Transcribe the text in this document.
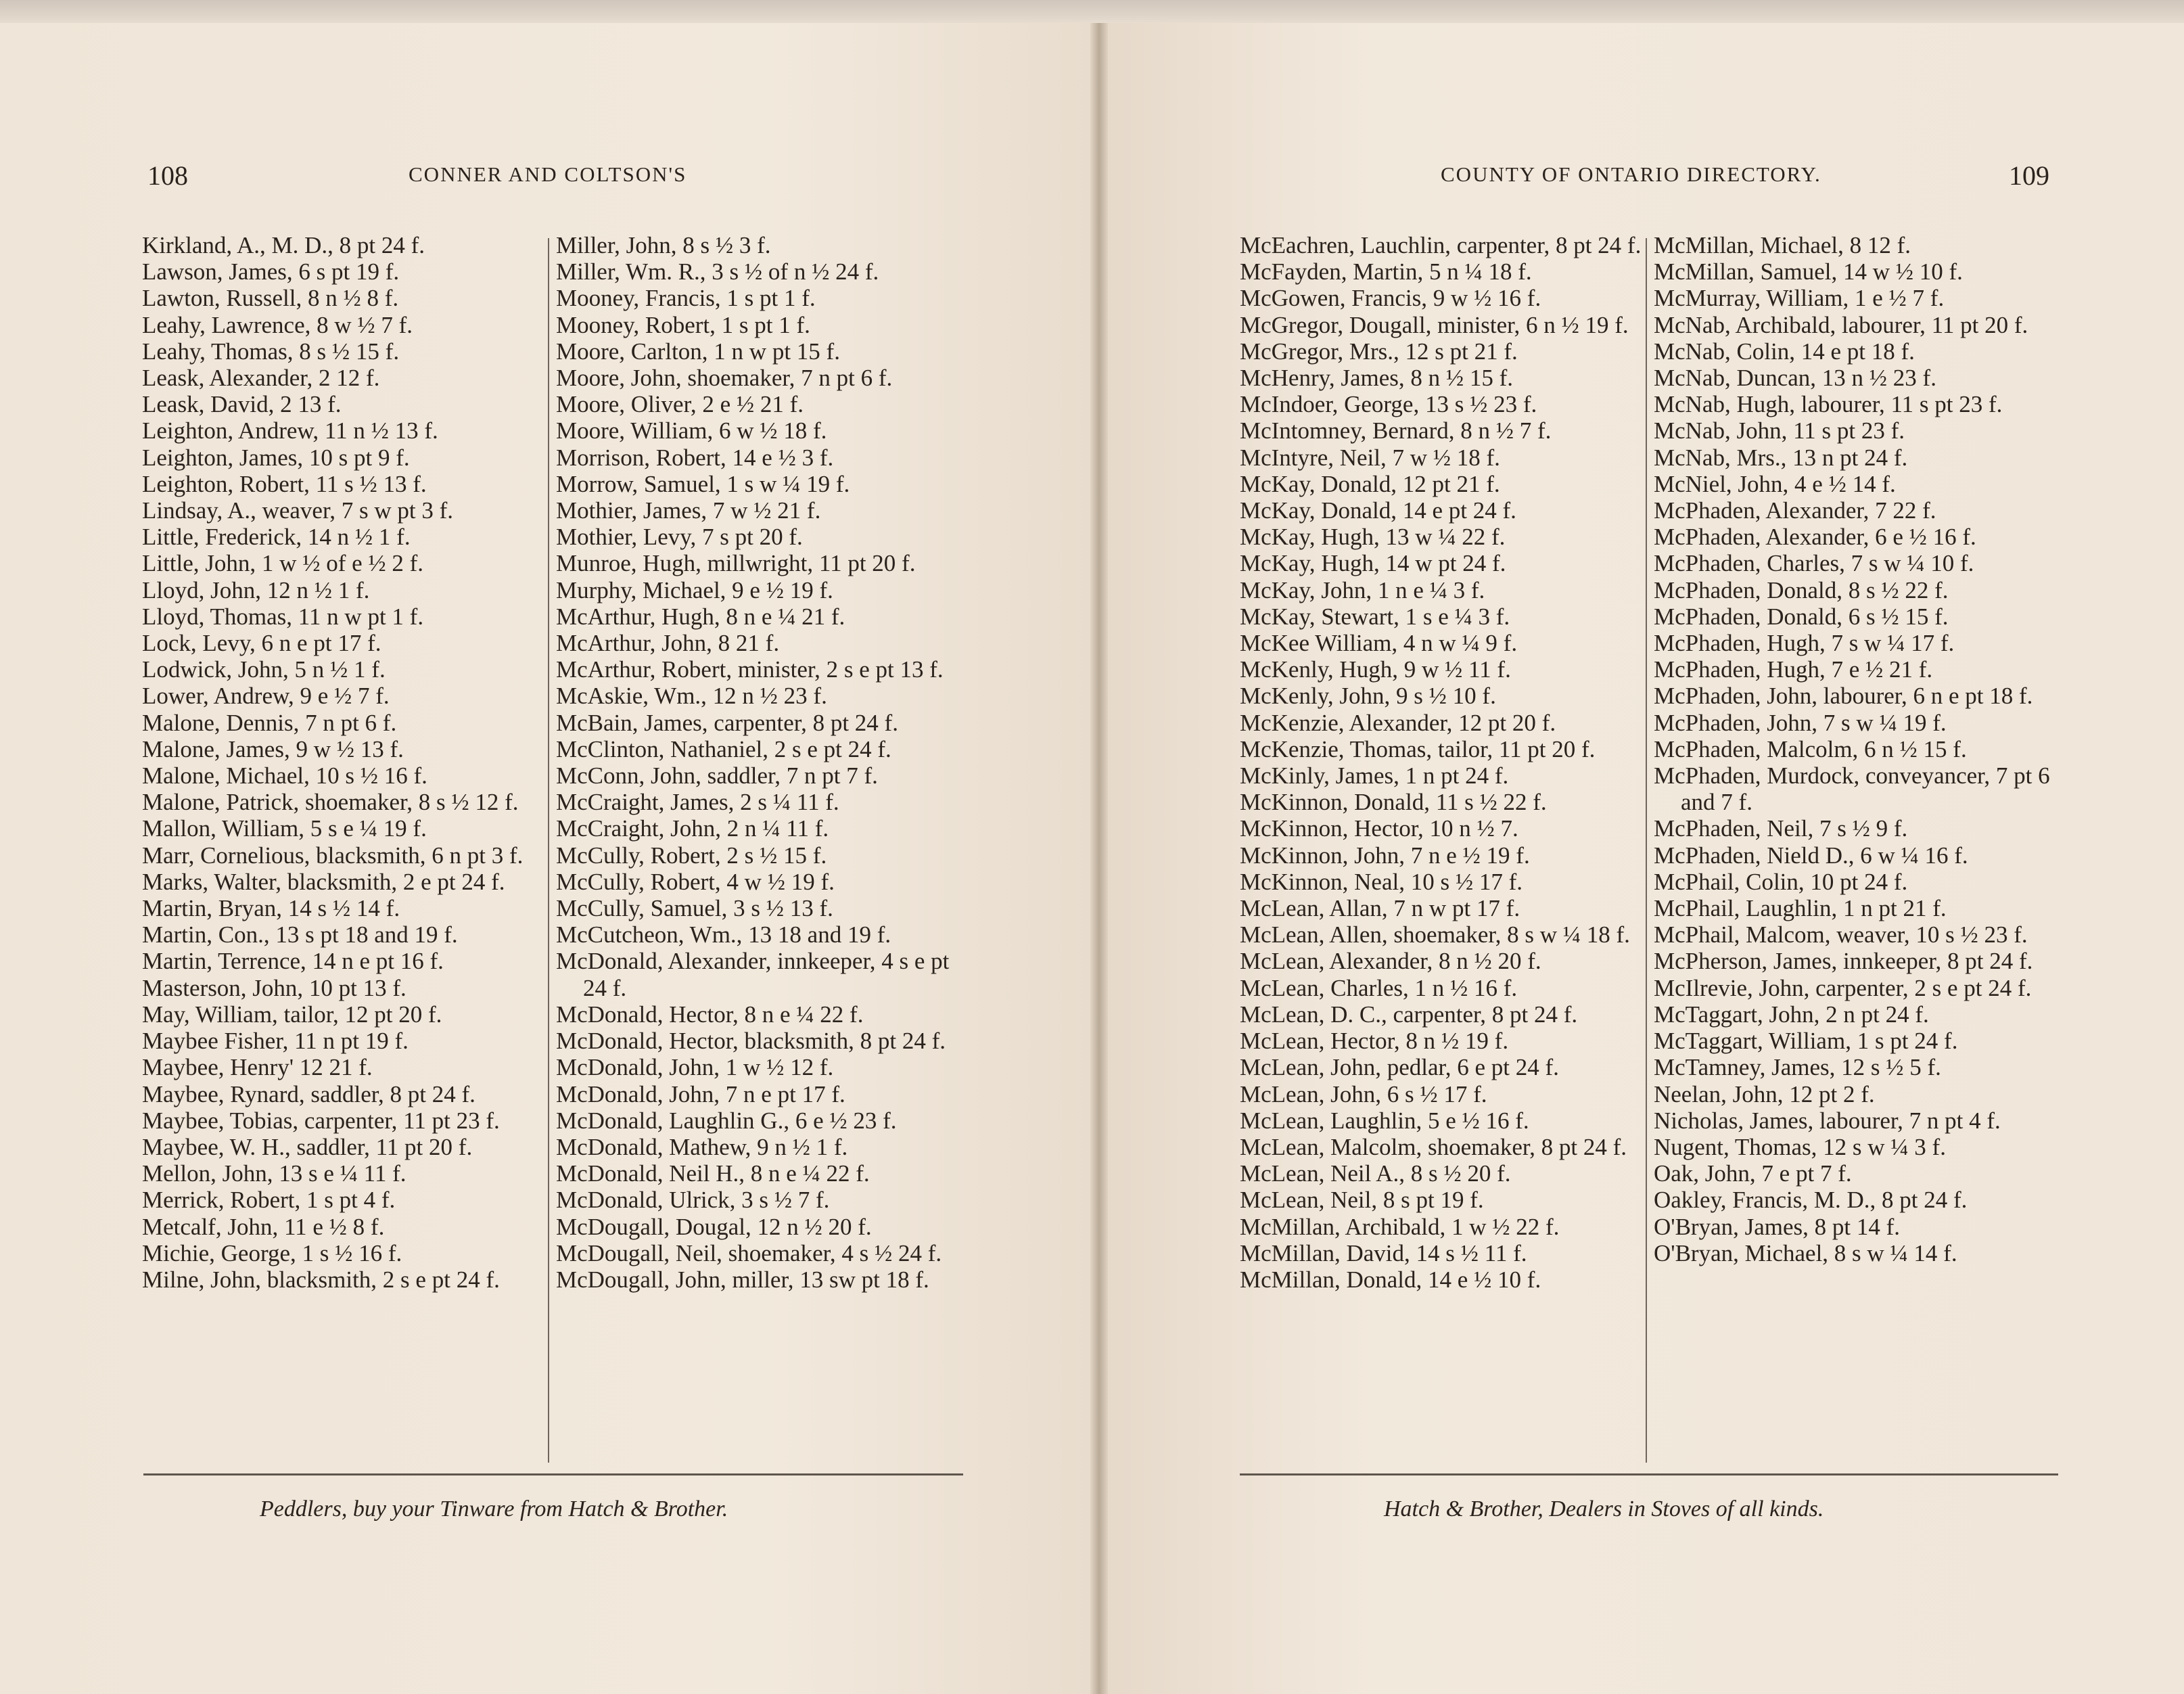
108	CONNER AND COLTSON'S
Kirkland, A., M. D., 8 pt 24 f.
Lawson, James, 6 s pt 19 f.
Lawton, Russell, 8 n ½ 8 f.
Leahy, Lawrence, 8 w ½ 7 f.
Leahy, Thomas, 8 s ½ 15 f.
Leask, Alexander, 2 12 f.
Leask, David, 2 13 f.
Leighton, Andrew, 11 n ½ 13 f.
Leighton, James, 10 s pt 9 f.
Leighton, Robert, 11 s ½ 13 f.
Lindsay, A., weaver, 7 s w pt 3 f.
Little, Frederick, 14 n ½ 1 f.
Little, John, 1 w ½ of e ½ 2 f.
Lloyd, John, 12 n ½ 1 f.
Lloyd, Thomas, 11 n w pt 1 f.
Lock, Levy, 6 n e pt 17 f.
Lodwick, John, 5 n ½ 1 f.
Lower, Andrew, 9 e ½ 7 f.
Malone, Dennis, 7 n pt 6 f.
Malone, James, 9 w ½ 13 f.
Malone, Michael, 10 s ½ 16 f.
Malone, Patrick, shoemaker, 8 s ½ 12 f.
Mallon, William, 5 s e ¼ 19 f.
Marr, Cornelious, blacksmith, 6 n pt 3 f.
Marks, Walter, blacksmith, 2 e pt 24 f.
Martin, Bryan, 14 s ½ 14 f.
Martin, Con., 13 s pt 18 and 19 f.
Martin, Terrence, 14 n e pt 16 f.
Masterson, John, 10 pt 13 f.
May, William, tailor, 12 pt 20 f.
Maybee Fisher, 11 n pt 19 f.
Maybee, Henry' 12 21 f.
Maybee, Rynard, saddler, 8 pt 24 f.
Maybee, Tobias, carpenter, 11 pt 23 f.
Maybee, W. H., saddler, 11 pt 20 f.
Mellon, John, 13 s e ¼ 11 f.
Merrick, Robert, 1 s pt 4 f.
Metcalf, John, 11 e ½ 8 f.
Michie, George, 1 s ½ 16 f.
Milne, John, blacksmith, 2 s e pt 24 f.
Miller, John, 8 s ½ 3 f.
Miller, Wm. R., 3 s ½ of n ½ 24 f.
Mooney, Francis, 1 s pt 1 f.
Mooney, Robert, 1 s pt 1 f.
Moore, Carlton, 1 n w pt 15 f.
Moore, John, shoemaker, 7 n pt 6 f.
Moore, Oliver, 2 e ½ 21 f.
Moore, William, 6 w ½ 18 f.
Morrison, Robert, 14 e ½ 3 f.
Morrow, Samuel, 1 s w ¼ 19 f.
Mothier, James, 7 w ½ 21 f.
Mothier, Levy, 7 s pt 20 f.
Munroe, Hugh, millwright, 11 pt 20 f.
Murphy, Michael, 9 e ½ 19 f.
McArthur, Hugh, 8 n e ¼ 21 f.
McArthur, John, 8 21 f.
McArthur, Robert, minister, 2 s e pt 13 f.
McAskie, Wm., 12 n ½ 23 f.
McBain, James, carpenter, 8 pt 24 f.
McClinton, Nathaniel, 2 s e pt 24 f.
McConn, John, saddler, 7 n pt 7 f.
McCraight, James, 2 s ¼ 11 f.
McCraight, John, 2 n ¼ 11 f.
McCully, Robert, 2 s ½ 15 f.
McCully, Robert, 4 w ½ 19 f.
McCully, Samuel, 3 s ½ 13 f.
McCutcheon, Wm., 13 18 and 19 f.
McDonald, Alexander, innkeeper, 4 s e pt 24 f.
McDonald, Hector, 8 n e ¼ 22 f.
McDonald, Hector, blacksmith, 8 pt 24 f.
McDonald, John, 1 w ½ 12 f.
McDonald, John, 7 n e pt 17 f.
McDonald, Laughlin G., 6 e ½ 23 f.
McDonald, Mathew, 9 n ½ 1 f.
McDonald, Neil H., 8 n e ¼ 22 f.
McDonald, Ulrick, 3 s ½ 7 f.
McDougall, Dougal, 12 n ½ 20 f.
McDougall, Neil, shoemaker, 4 s ½ 24 f.
McDougall, John, miller, 13 sw pt 18 f.
Peddlers, buy your Tinware from Hatch & Brother.
COUNTY OF ONTARIO DIRECTORY.	109
McEachren, Lauchlin, carpenter, 8 pt 24 f.
McFayden, Martin, 5 n ¼ 18 f.
McGowen, Francis, 9 w ½ 16 f.
McGregor, Dougall, minister, 6 n ½ 19 f.
McGregor, Mrs., 12 s pt 21 f.
McHenry, James, 8 n ½ 15 f.
McIndoer, George, 13 s ½ 23 f.
McIntomney, Bernard, 8 n ½ 7 f.
McIntyre, Neil, 7 w ½ 18 f.
McKay, Donald, 12 pt 21 f.
McKay, Donald, 14 e pt 24 f.
McKay, Hugh, 13 w ¼ 22 f.
McKay, Hugh, 14 w pt 24 f.
McKay, John, 1 n e ¼ 3 f.
McKay, Stewart, 1 s e ¼ 3 f.
McKee William, 4 n w ¼ 9 f.
McKenly, Hugh, 9 w ½ 11 f.
McKenly, John, 9 s ½ 10 f.
McKenzie, Alexander, 12 pt 20 f.
McKenzie, Thomas, tailor, 11 pt 20 f.
McKinly, James, 1 n pt 24 f.
McKinnon, Donald, 11 s ½ 22 f.
McKinnon, Hector, 10 n ½ 7.
McKinnon, John, 7 n e ½ 19 f.
McKinnon, Neal, 10 s ½ 17 f.
McLean, Allan, 7 n w pt 17 f.
McLean, Allen, shoemaker, 8 s w ¼ 18 f.
McLean, Alexander, 8 n ½ 20 f.
McLean, Charles, 1 n ½ 16 f.
McLean, D. C., carpenter, 8 pt 24 f.
McLean, Hector, 8 n ½ 19 f.
McLean, John, pedlar, 6 e pt 24 f.
McLean, John, 6 s ½ 17 f.
McLean, Laughlin, 5 e ½ 16 f.
McLean, Malcolm, shoemaker, 8 pt 24 f.
McLean, Neil A., 8 s ½ 20 f.
McLean, Neil, 8 s pt 19 f.
McMillan, Archibald, 1 w ½ 22 f.
McMillan, David, 14 s ½ 11 f.
McMillan, Donald, 14 e ½ 10 f.
McMillan, Michael, 8 12 f.
McMillan, Samuel, 14 w ½ 10 f.
McMurray, William, 1 e ½ 7 f.
McNab, Archibald, labourer, 11 pt 20 f.
McNab, Colin, 14 e pt 18 f.
McNab, Duncan, 13 n ½ 23 f.
McNab, Hugh, labourer, 11 s pt 23 f.
McNab, John, 11 s pt 23 f.
McNab, Mrs., 13 n pt 24 f.
McNiel, John, 4 e ½ 14 f.
McPhaden, Alexander, 7 22 f.
McPhaden, Alexander, 6 e ½ 16 f.
McPhaden, Charles, 7 s w ¼ 10 f.
McPhaden, Donald, 8 s ½ 22 f.
McPhaden, Donald, 6 s ½ 15 f.
McPhaden, Hugh, 7 s w ¼ 17 f.
McPhaden, Hugh, 7 e ½ 21 f.
McPhaden, John, labourer, 6 n e pt 18 f.
McPhaden, John, 7 s w ¼ 19 f.
McPhaden, Malcolm, 6 n ½ 15 f.
McPhaden, Murdock, conveyancer, 7 pt 6 and 7 f.
McPhaden, Neil, 7 s ½ 9 f.
McPhaden, Nield D., 6 w ¼ 16 f.
McPhail, Colin, 10 pt 24 f.
McPhail, Laughlin, 1 n pt 21 f.
McPhail, Malcom, weaver, 10 s ½ 23 f.
McPherson, James, innkeeper, 8 pt 24 f.
McIlrevie, John, carpenter, 2 s e pt 24 f.
McTaggart, John, 2 n pt 24 f.
McTaggart, William, 1 s pt 24 f.
McTamney, James, 12 s ½ 5 f.
Neelan, John, 12 pt 2 f.
Nicholas, James, labourer, 7 n pt 4 f.
Nugent, Thomas, 12 s w ¼ 3 f.
Oak, John, 7 e pt 7 f.
Oakley, Francis, M. D., 8 pt 24 f.
O'Bryan, James, 8 pt 14 f.
O'Bryan, Michael, 8 s w ¼ 14 f.
Hatch & Brother, Dealers in Stoves of all kinds.
